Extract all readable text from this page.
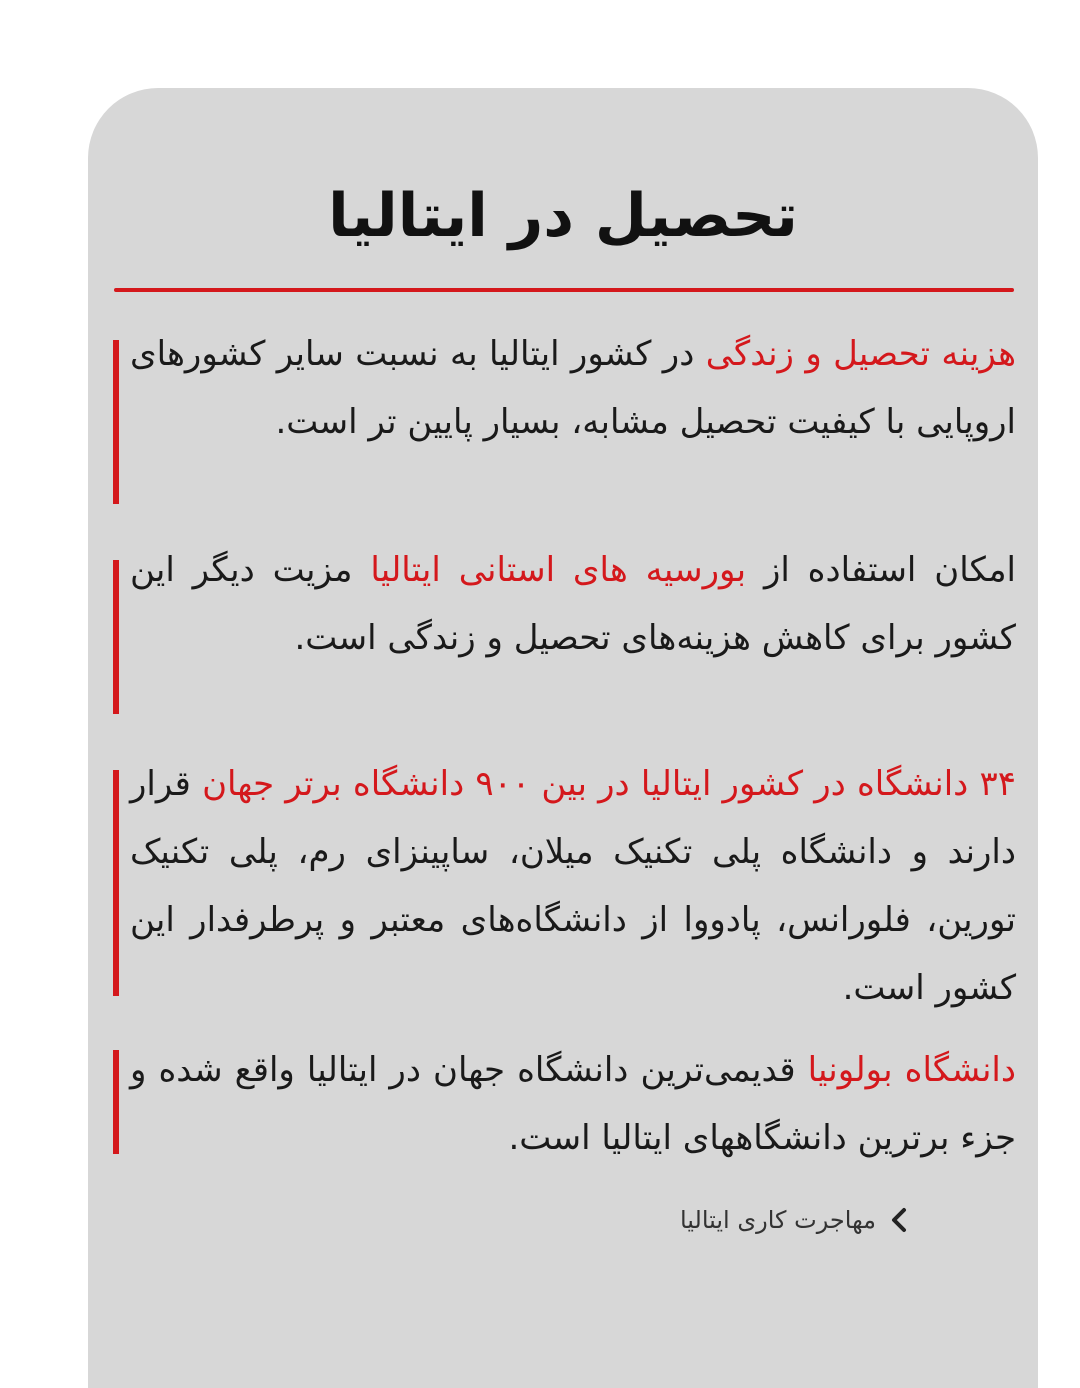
تحصیل در ایتالیا

هزینه تحصیل و زندگی در کشور ایتالیا به نسبت سایر کشورهای اروپایی با کیفیت تحصیل مشابه، بسیار پایین تر است.

امکان استفاده از بورسیه های استانی ایتالیا مزیت دیگر این کشور برای کاهش هزینه‌های تحصیل و زندگی است.

۳۴ دانشگاه در کشور ایتالیا در بین ۹۰۰ دانشگاه برتر جهان قرار دارند و دانشگاه پلی تکنیک میلان، ساپینزای رم، پلی تکنیک تورین، فلورانس، پادووا از دانشگاه‌های معتبر و پرطرفدار این کشور است.

دانشگاه بولونیا قدیمی‌ترین دانشگاه جهان در ایتالیا واقع شده و جزء برترین دانشگاههای ایتالیا است.

مهاجرت کاری ایتالیا
